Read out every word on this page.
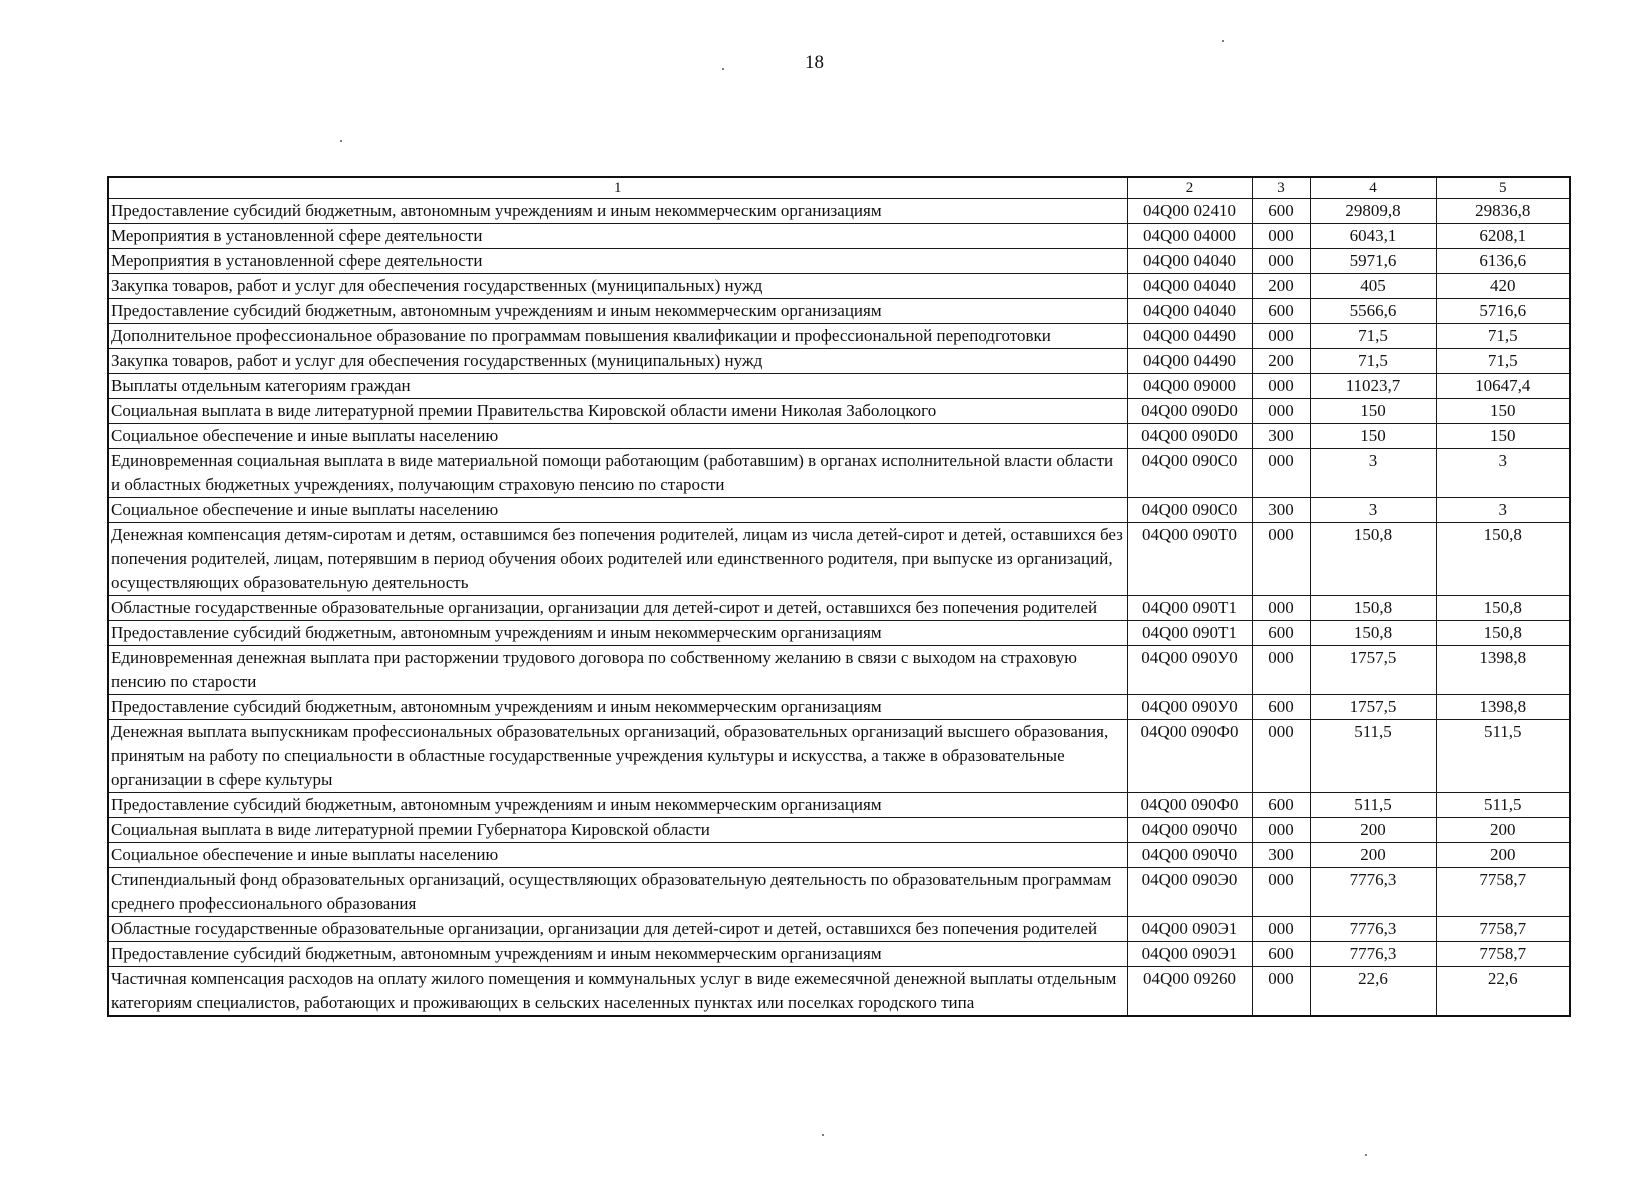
18
1	2	3	4	5
Предоставление субсидий бюджетным, автономным учреждениям и иным некоммерческим организациям	04Q00 02410	600	29809,8	29836,8
Мероприятия в установленной сфере деятельности	04Q00 04000	000	6043,1	6208,1
Мероприятия в установленной сфере деятельности	04Q00 04040	000	5971,6	6136,6
Закупка товаров, работ и услуг для обеспечения государственных (муниципальных) нужд	04Q00 04040	200	405	420
Предоставление субсидий бюджетным, автономным учреждениям и иным некоммерческим организациям	04Q00 04040	600	5566,6	5716,6
Дополнительное профессиональное образование по программам повышения квалификации и профессиональной переподготовки	04Q00 04490	000	71,5	71,5
Закупка товаров, работ и услуг для обеспечения государственных (муниципальных) нужд	04Q00 04490	200	71,5	71,5
Выплаты отдельным категориям граждан	04Q00 09000	000	11023,7	10647,4
Социальная выплата в виде литературной премии Правительства Кировской области имени Николая Заболоцкого	04Q00 090D0	000	150	150
Социальное обеспечение и иные выплаты населению	04Q00 090D0	300	150	150
Единовременная социальная выплата в виде материальной помощи работающим (работавшим) в органах исполнительной власти области и областных бюджетных учреждениях, получающим страховую пенсию по старости	04Q00 090C0	000	3	3
Социальное обеспечение и иные выплаты населению	04Q00 090C0	300	3	3
Денежная компенсация детям-сиротам и детям, оставшимся без попечения родителей, лицам из числа детей-сирот и детей, оставшихся без попечения родителей, лицам, потерявшим в период обучения обоих родителей или единственного родителя, при выпуске из организаций, осуществляющих образовательную деятельность	04Q00 090T0	000	150,8	150,8
Областные государственные образовательные организации, организации для детей-сирот и детей, оставшихся без попечения родителей	04Q00 090T1	000	150,8	150,8
Предоставление субсидий бюджетным, автономным учреждениям и иным некоммерческим организациям	04Q00 090T1	600	150,8	150,8
Единовременная денежная выплата при расторжении трудового договора по собственному желанию в связи с выходом на страховую пенсию по старости	04Q00 090У0	000	1757,5	1398,8
Предоставление субсидий бюджетным, автономным учреждениям и иным некоммерческим организациям	04Q00 090У0	600	1757,5	1398,8
Денежная выплата выпускникам профессиональных образовательных организаций, образовательных организаций высшего образования, принятым на работу по специальности в областные государственные учреждения культуры и искусства, а также в образовательные организации в сфере культуры	04Q00 090Ф0	000	511,5	511,5
Предоставление субсидий бюджетным, автономным учреждениям и иным некоммерческим организациям	04Q00 090Ф0	600	511,5	511,5
Социальная выплата в виде литературной премии Губернатора Кировской области	04Q00 090Ч0	000	200	200
Социальное обеспечение и иные выплаты населению	04Q00 090Ч0	300	200	200
Стипендиальный фонд образовательных организаций, осуществляющих образовательную деятельность по образовательным программам среднего профессионального образования	04Q00 090Э0	000	7776,3	7758,7
Областные государственные образовательные организации, организации для детей-сирот и детей, оставшихся без попечения родителей	04Q00 090Э1	000	7776,3	7758,7
Предоставление субсидий бюджетным, автономным учреждениям и иным некоммерческим организациям	04Q00 090Э1	600	7776,3	7758,7
Частичная компенсация расходов на оплату жилого помещения и коммунальных услуг в виде ежемесячной денежной выплаты отдельным категориям специалистов, работающих и проживающих в сельских населенных пунктах или поселках городского типа	04Q00 09260	000	22,6	22,6
